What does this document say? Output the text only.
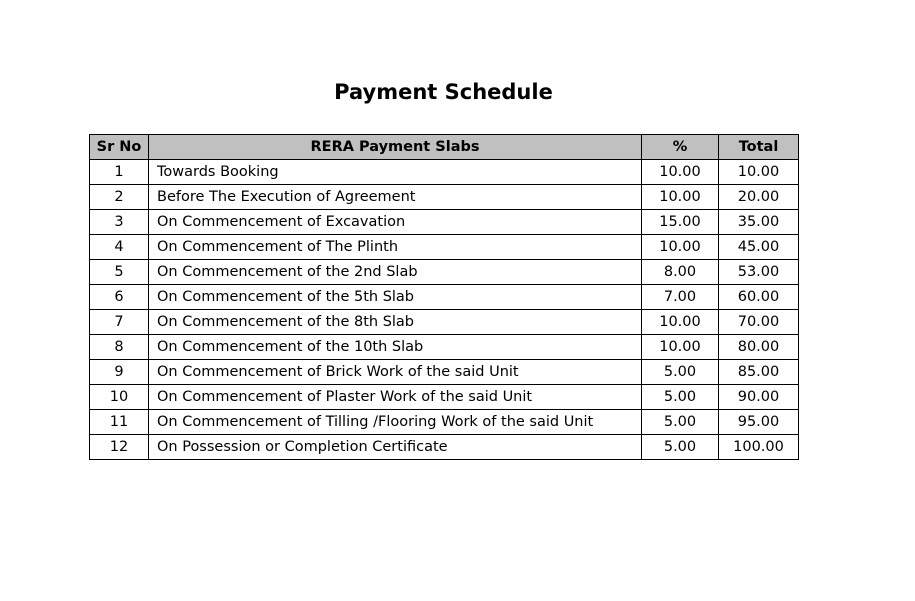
Payment Schedule
Sr No	RERA Payment Slabs	%	Total
1	Towards Booking	10.00	10.00
2	Before The Execution of Agreement	10.00	20.00
3	On Commencement of Excavation	15.00	35.00
4	On Commencement of The Plinth	10.00	45.00
5	On Commencement of the 2nd Slab	8.00	53.00
6	On Commencement of the 5th Slab	7.00	60.00
7	On Commencement of the 8th Slab	10.00	70.00
8	On Commencement of the 10th Slab	10.00	80.00
9	On Commencement of Brick Work of the said Unit	5.00	85.00
10	On Commencement of Plaster Work of the said Unit	5.00	90.00
11	On Commencement of Tilling /Flooring Work of the said Unit	5.00	95.00
12	On Possession or Completion Certificate	5.00	100.00
